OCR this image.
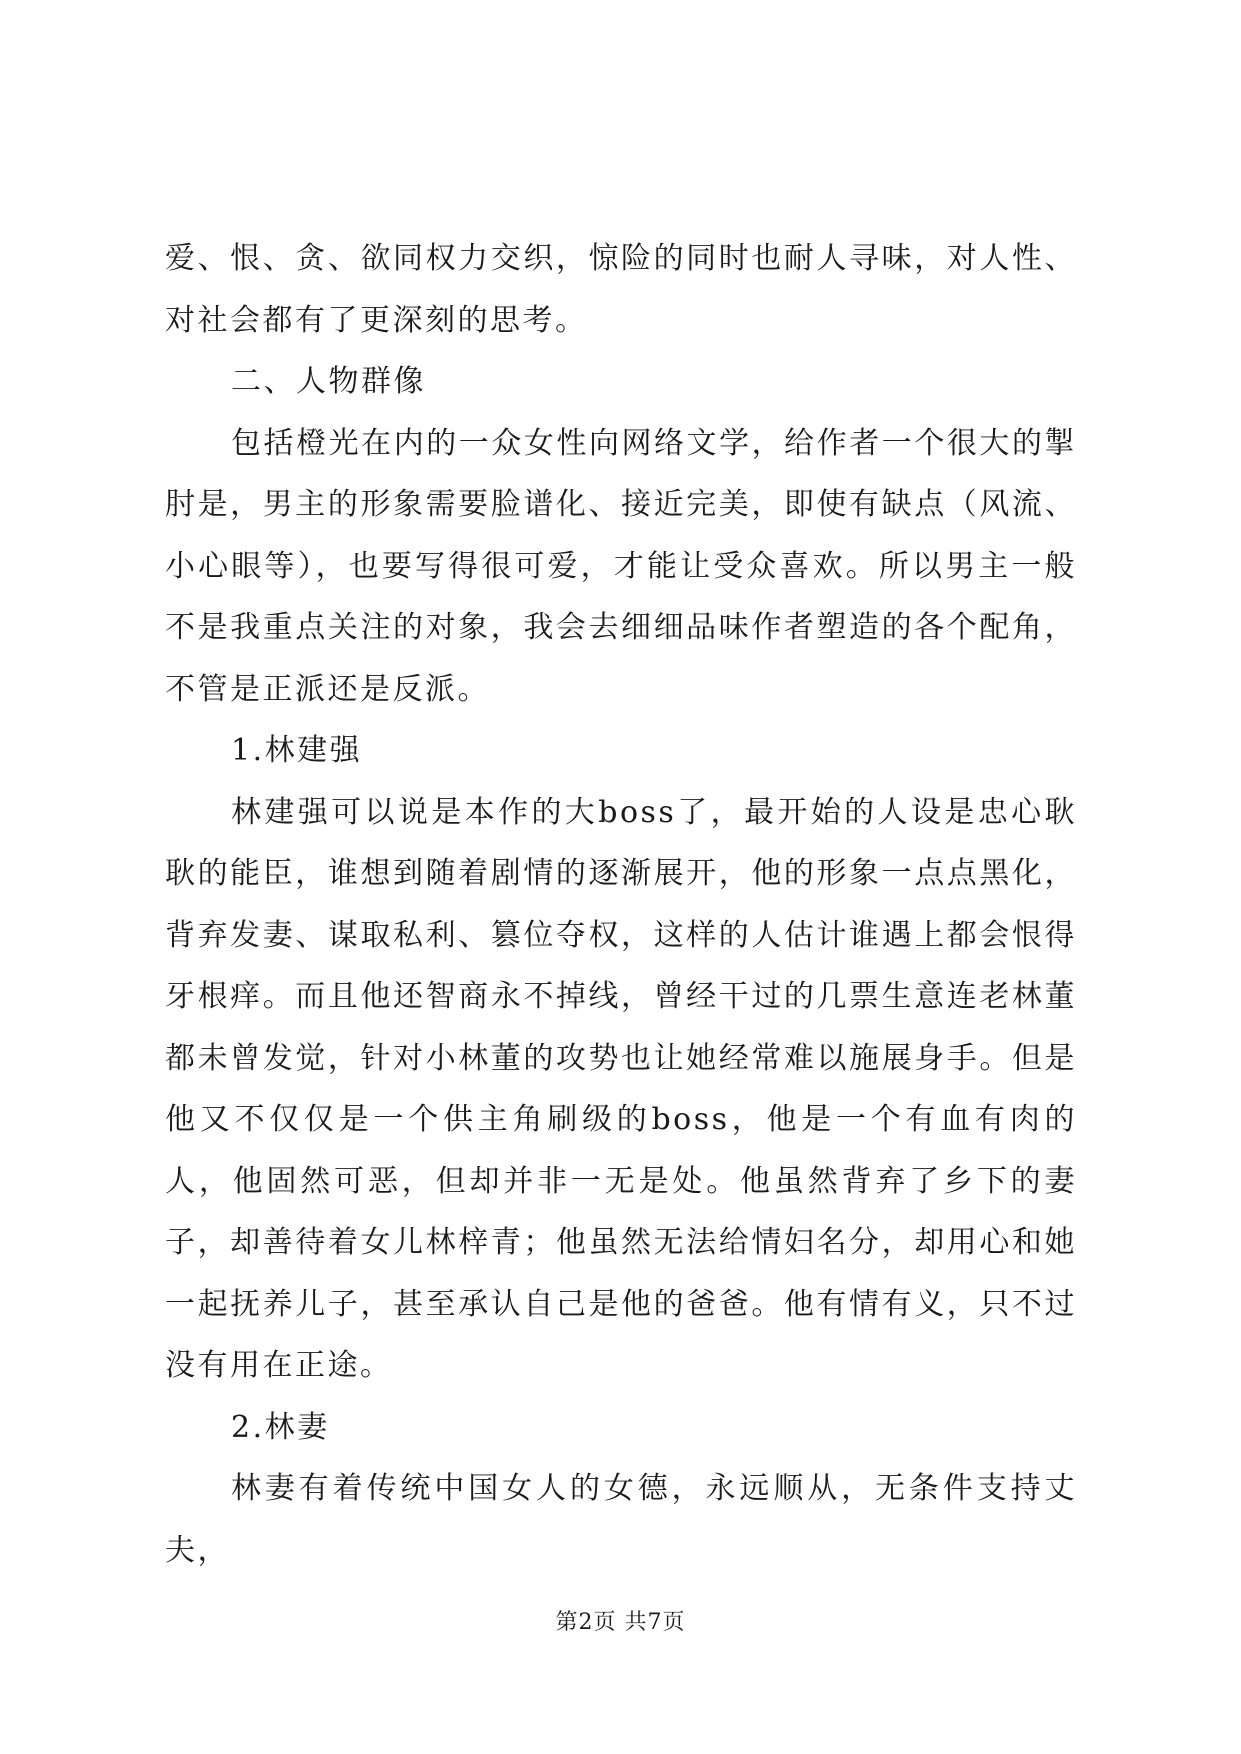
爱、恨、贪、欲同权力交织，惊险的同时也耐人寻味，对人性、对社会都有了更深刻的思考。

二、人物群像

包括橙光在内的一众女性向网络文学，给作者一个很大的掣肘是，男主的形象需要脸谱化、接近完美，即使有缺点（风流、小心眼等），也要写得很可爱，才能让受众喜欢。所以男主一般不是我重点关注的对象，我会去细细品味作者塑造的各个配角，不管是正派还是反派。

1.林建强

林建强可以说是本作的大boss了，最开始的人设是忠心耿耿的能臣，谁想到随着剧情的逐渐展开，他的形象一点点黑化，背弃发妻、谋取私利、篡位夺权，这样的人估计谁遇上都会恨得牙根痒。而且他还智商永不掉线，曾经干过的几票生意连老林董都未曾发觉，针对小林董的攻势也让她经常难以施展身手。但是他又不仅仅是一个供主角刷级的boss，他是一个有血有肉的人，他固然可恶，但却并非一无是处。他虽然背弃了乡下的妻子，却善待着女儿林梓青；他虽然无法给情妇名分，却用心和她一起抚养儿子，甚至承认自己是他的爸爸。他有情有义，只不过没有用在正途。

2.林妻

林妻有着传统中国女人的女德，永远顺从，无条件支持丈夫，

第2页 共7页
